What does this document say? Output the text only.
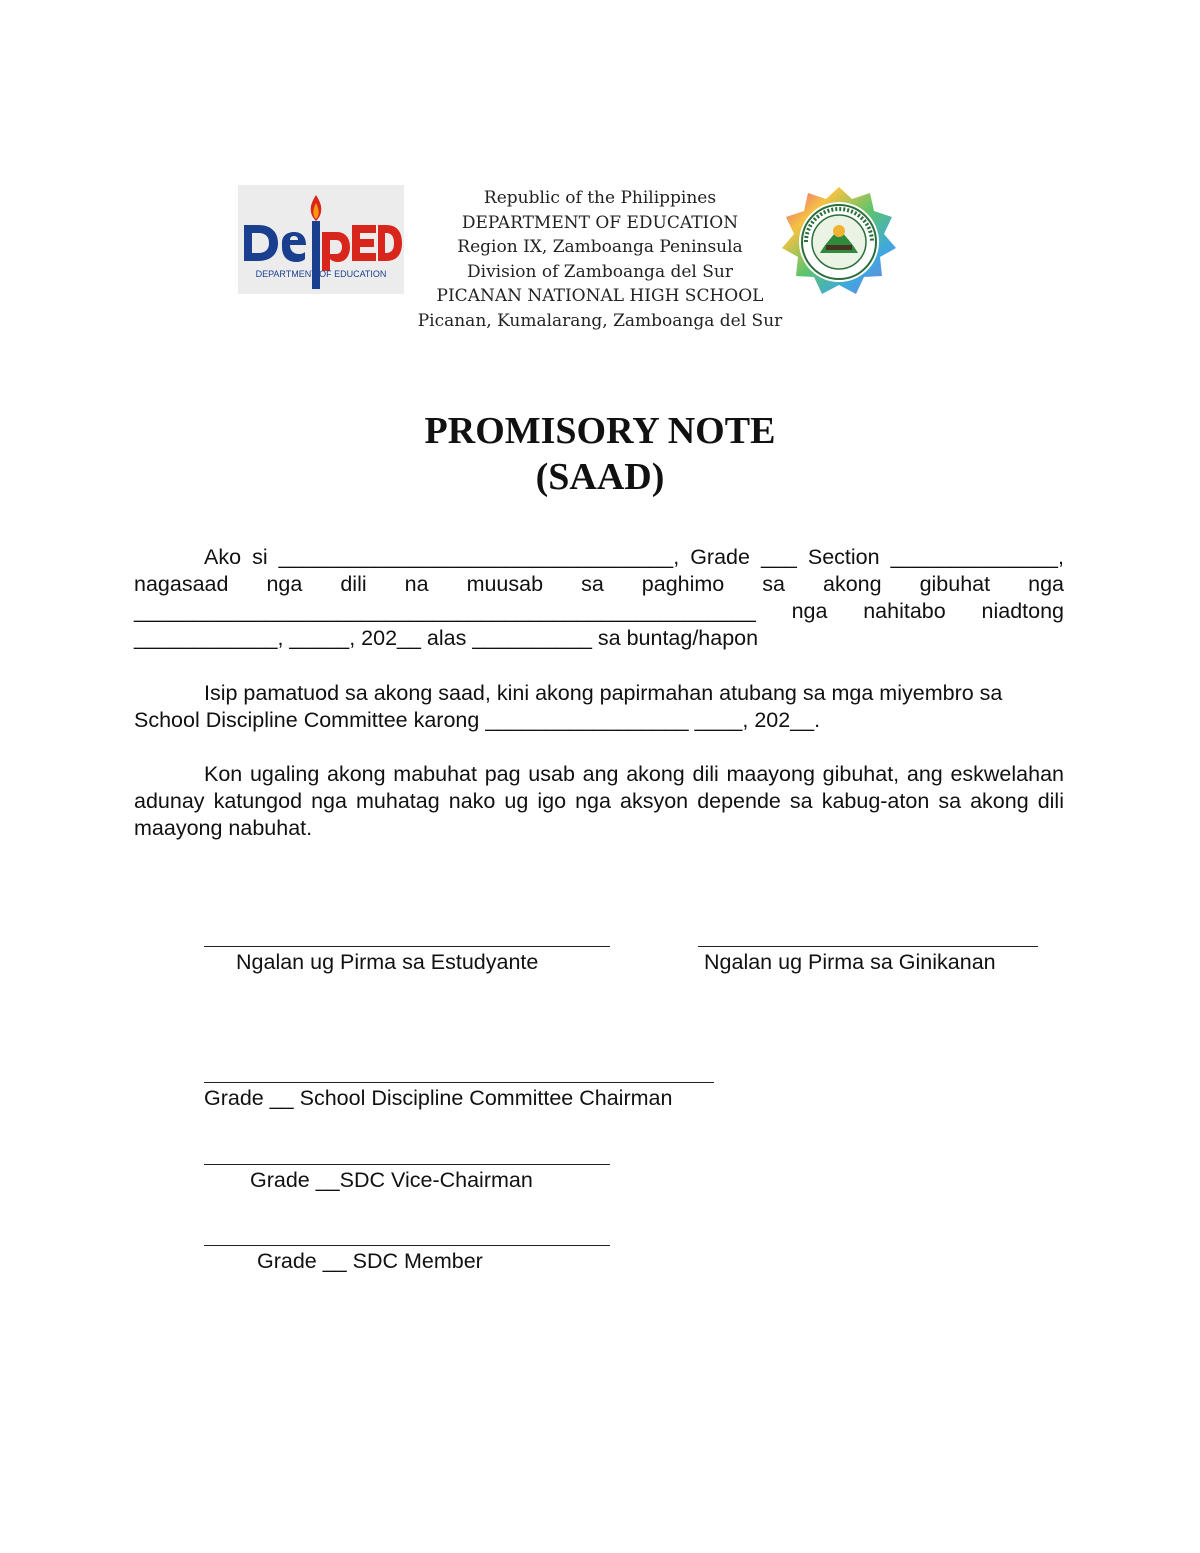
DEPARTMENT OF EDUCATION
Republic of the Philippines
DEPARTMENT OF EDUCATION
Region IX, Zamboanga Peninsula
Division of Zamboanga del Sur
PICANAN NATIONAL HIGH SCHOOL
Picanan, Kumalarang, Zamboanga del Sur
PROMISORY NOTE
(SAAD)
Ako si _________________________________, Grade ___ Section ______________, nagasaad nga dili na muusab sa paghimo sa akong gibuhat nga ____________________________________________________ nga nahitabo niadtong ____________, _____, 202__ alas __________ sa buntag/hapon
Isip pamatuod sa akong saad, kini akong papirmahan atubang sa mga miyembro sa School Discipline Committee karong _________________ ____, 202__.
Kon ugaling akong mabuhat pag usab ang akong dili maayong gibuhat, ang eskwelahan adunay katungod nga muhatag nako ug igo nga aksyon depende sa kabug-aton sa akong dili maayong nabuhat.
Ngalan ug Pirma sa Estudyante	Ngalan ug Pirma sa Ginikanan
Grade __ School Discipline Committee Chairman
Grade __SDC Vice-Chairman
Grade __ SDC Member
